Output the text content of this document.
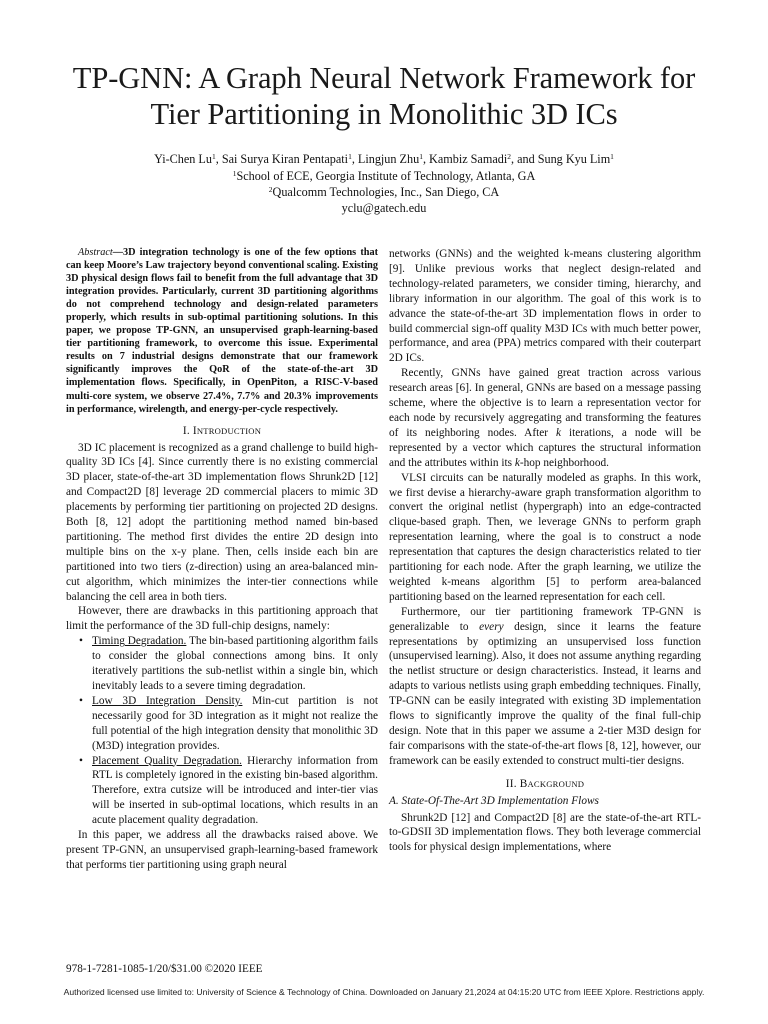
TP-GNN: A Graph Neural Network Framework for
Tier Partitioning in Monolithic 3D ICs
Yi-Chen Lu$^1$, Sai Surya Kiran Pentapati$^1$, Lingjun Zhu$^1$, Kambiz Samadi$^2$, and Sung Kyu Lim$^1$
$^1$School of ECE, Georgia Institute of Technology, Atlanta, GA
$^2$Qualcomm Technologies, Inc., San Diego, CA
yclu@gatech.edu

Abstract—3D integration technology is one of the few options that can keep Moore’s Law trajectory beyond conventional scaling. Existing 3D physical design flows fail to benefit from the full advantage that 3D integration provides. Particularly, current 3D partitioning algorithms do not comprehend technology and design-related parameters properly, which results in sub-optimal partitioning solutions. In this paper, we propose TP-GNN, an unsupervised graph-learning-based tier partitioning framework, to overcome this issue. Experimental results on 7 industrial designs demonstrate that our framework significantly improves the QoR of the state-of-the-art 3D implementation flows. Specifically, in OpenPiton, a RISC-V-based multi-core system, we observe 27.4%, 7.7% and 20.3% improvements in performance, wirelength, and energy-per-cycle respectively.

I. INTRODUCTION

3D IC placement is recognized as a grand challenge to build high-quality 3D ICs [4]. Since currently there is no existing commercial 3D placer, state-of-the-art 3D implementation flows Shrunk2D [12] and Compact2D [8] leverage 2D commercial placers to mimic 3D placements by performing tier partitioning on projected 2D designs. Both [8, 12] adopt the partitioning method named bin-based partitioning. The method first divides the entire 2D design into multiple bins on the x-y plane. Then, cells inside each bin are partitioned into two tiers (z-direction) using an area-balanced min-cut algorithm, which minimizes the inter-tier connections while balancing the cell area in both tiers.

However, there are drawbacks in this partitioning approach that limit the performance of the 3D full-chip designs, namely:

• Timing Degradation. The bin-based partitioning algorithm fails to consider the global connections among bins. It only iteratively partitions the sub-netlist within a single bin, which inevitably leads to a severe timing degradation.
• Low 3D Integration Density. Min-cut partition is not necessarily good for 3D integration as it might not realize the full potential of the high integration density that monolithic 3D (M3D) integration provides.
• Placement Quality Degradation. Hierarchy information from RTL is completely ignored in the existing bin-based algorithm. Therefore, extra cutsize will be introduced and inter-tier vias will be inserted in sub-optimal locations, which results in an acute placement quality degradation.

In this paper, we address all the drawbacks raised above. We present TP-GNN, an unsupervised graph-learning-based framework that performs tier partitioning using graph neural

networks (GNNs) and the weighted k-means clustering algorithm [9]. Unlike previous works that neglect design-related and technology-related parameters, we consider timing, hierarchy, and library information in our algorithm. The goal of this work is to advance the state-of-the-art 3D implementation flows in order to build commercial sign-off quality M3D ICs with much better power, performance, and area (PPA) metrics compared with their couterpart 2D ICs.

Recently, GNNs have gained great traction across various research areas [6]. In general, GNNs are based on a message passing scheme, where the objective is to learn a representation vector for each node by recursively aggregating and transforming the features of its neighboring nodes. After k iterations, a node will be represented by a vector which captures the structural information and the attributes within its k-hop neighborhood.

VLSI circuits can be naturally modeled as graphs. In this work, we first devise a hierarchy-aware graph transformation algorithm to convert the original netlist (hypergraph) into an edge-contracted clique-based graph. Then, we leverage GNNs to perform graph representation learning, where the goal is to construct a node representation that captures the design characteristics related to tier partitioning for each node. After the graph learning, we utilize the weighted k-means algorithm [5] to perform area-balanced partitioning based on the learned representation for each cell.

Furthermore, our tier partitioning framework TP-GNN is generalizable to every design, since it learns the feature representations by optimizing an unsupervised loss function (unsupervised learning). Also, it does not assume anything regarding the netlist structure or design characteristics. Instead, it learns and adapts to various netlists using graph embedding techniques. Finally, TP-GNN can be easily integrated with existing 3D implementation flows to significantly improve the quality of the final full-chip design. Note that in this paper we assume a 2-tier M3D design for fair comparisons with the state-of-the-art flows [8, 12], however, our framework can be easily extended to construct multi-tier designs.

II. BACKGROUND
A. State-Of-The-Art 3D Implementation Flows

Shrunk2D [12] and Compact2D [8] are the state-of-the-art RTL-to-GDSII 3D implementation flows. They both leverage commercial tools for physical design implementations, where

978-1-7281-1085-1/20/$31.00 ©2020 IEEE
Authorized licensed use limited to: University of Science & Technology of China. Downloaded on January 21,2024 at 04:15:20 UTC from IEEE Xplore. Restrictions apply.
